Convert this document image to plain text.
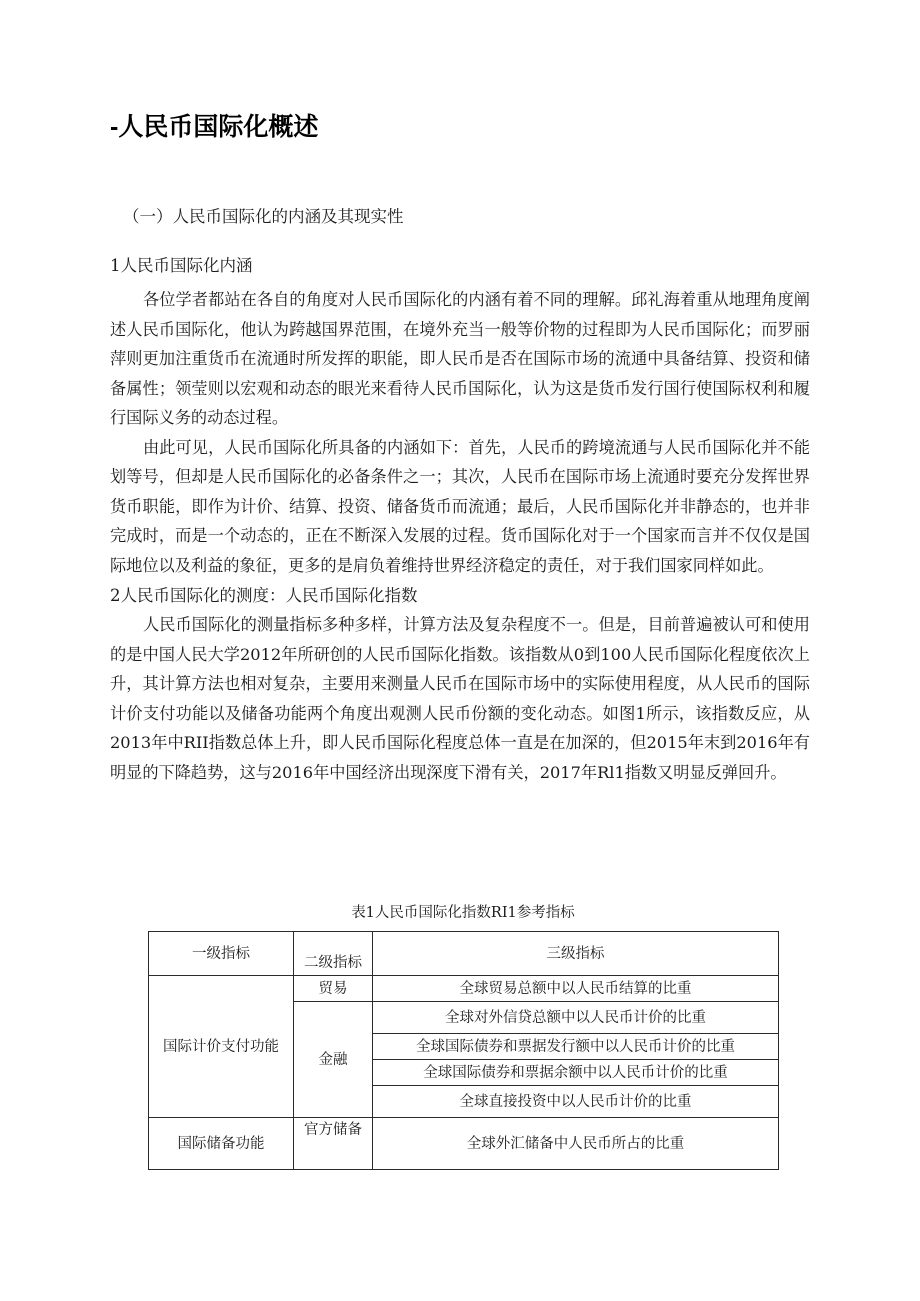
-人民币国际化概述
（一）人民币国际化的内涵及其现实性
1人民币国际化内涵

各位学者都站在各自的角度对人民币国际化的内涵有着不同的理解。邱礼海着重从地理角度阐述人民币国际化，他认为跨越国界范围，在境外充当一般等价物的过程即为人民币国际化；而罗丽萍则更加注重货币在流通时所发挥的职能，即人民币是否在国际市场的流通中具备结算、投资和储备属性；领莹则以宏观和动态的眼光来看待人民币国际化，认为这是货币发行国行使国际权利和履行国际义务的动态过程。

由此可见，人民币国际化所具备的内涵如下：首先，人民币的跨境流通与人民币国际化并不能划等号，但却是人民币国际化的必备条件之一；其次，人民币在国际市场上流通时要充分发挥世界货币职能，即作为计价、结算、投资、储备货币而流通；最后，人民币国际化并非静态的，也并非完成时，而是一个动态的，正在不断深入发展的过程。货币国际化对于一个国家而言并不仅仅是国际地位以及利益的象征，更多的是肩负着维持世界经济稳定的责任，对于我们国家同样如此。

2人民币国际化的测度：人民币国际化指数

人民币国际化的测量指标多种多样，计算方法及复杂程度不一。但是，目前普遍被认可和使用的是中国人民大学2012年所研创的人民币国际化指数。该指数从0到100人民币国际化程度依次上升，其计算方法也相对复杂，主要用来测量人民币在国际市场中的实际使用程度，从人民币的国际计价支付功能以及储备功能两个角度出观测人民币份额的变化动态。如图1所示，该指数反应，从2013年中RII指数总体上升，即人民币国际化程度总体一直是在加深的，但2015年末到2016年有明显的下降趋势，这与2016年中国经济出现深度下滑有关，2017年Rl1指数又明显反弹回升。

表1人民币国际化指数RI1参考指标
一级指标	二级指标	三级指标
国际计价支付功能	贸易	全球贸易总额中以人民币结算的比重
	金融	全球对外信贷总额中以人民币计价的比重
		全球国际债券和票据发行额中以人民币计价的比重
		全球国际债券和票据余额中以人民币计价的比重
		全球直接投资中以人民币计价的比重
国际储备功能	官方储备	全球外汇储备中人民币所占的比重
